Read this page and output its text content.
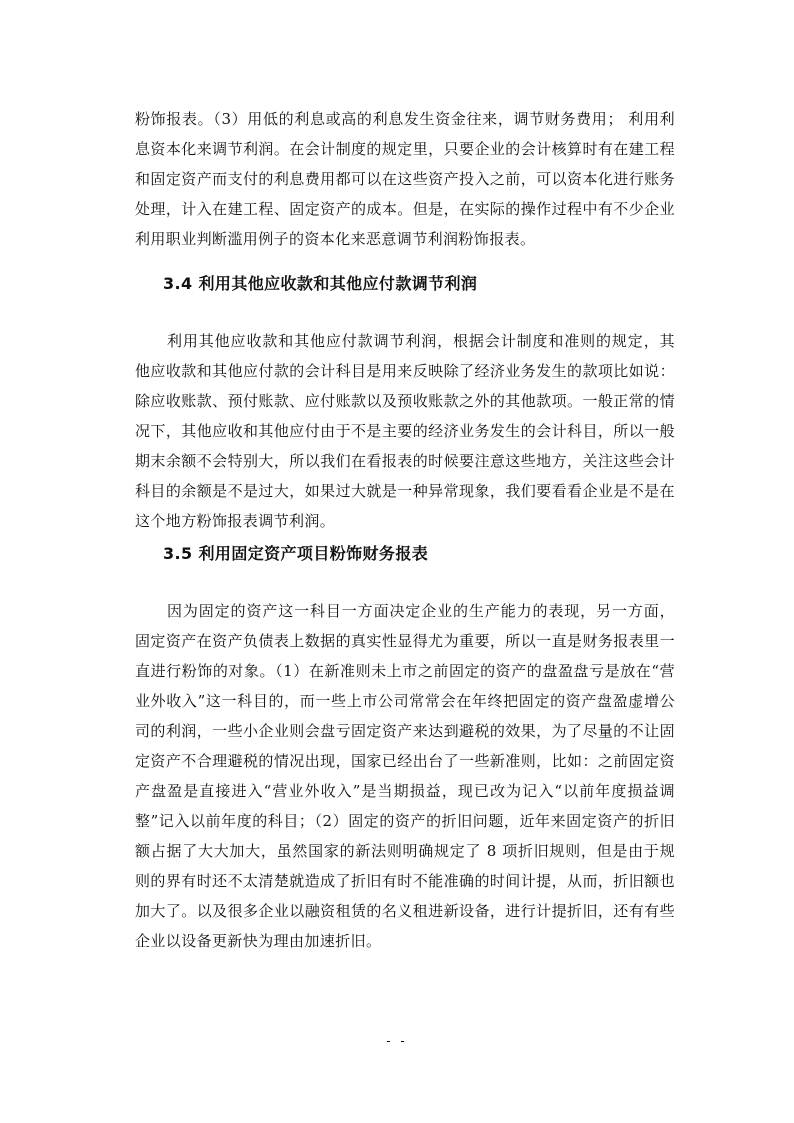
粉饰报表。（3）用低的利息或高的利息发生资金往来，调节财务费用； 利用利息资本化来调节利润。在会计制度的规定里，只要企业的会计核算时有在建工程和固定资产而支付的利息费用都可以在这些资产投入之前，可以资本化进行账务处理，计入在建工程、固定资产的成本。但是，在实际的操作过程中有不少企业利用职业判断滥用例子的资本化来恶意调节利润粉饰报表。

3.4 利用其他应收款和其他应付款调节利润

利用其他应收款和其他应付款调节利润，根据会计制度和准则的规定，其他应收款和其他应付款的会计科目是用来反映除了经济业务发生的款项比如说：除应收账款、预付账款、应付账款以及预收账款之外的其他款项。一般正常的情况下，其他应收和其他应付由于不是主要的经济业务发生的会计科目，所以一般期末余额不会特别大，所以我们在看报表的时候要注意这些地方，关注这些会计科目的余额是不是过大，如果过大就是一种异常现象，我们要看看企业是不是在这个地方粉饰报表调节利润。

3.5 利用固定资产项目粉饰财务报表

因为固定的资产这一科目一方面决定企业的生产能力的表现，另一方面，固定资产在资产负债表上数据的真实性显得尤为重要，所以一直是财务报表里一直进行粉饰的对象。（1）在新准则未上市之前固定的资产的盘盈盘亏是放在“营业外收入”这一科目的，而一些上市公司常常会在年终把固定的资产盘盈虚增公司的利润，一些小企业则会盘亏固定资产来达到避税的效果，为了尽量的不让固定资产不合理避税的情况出现，国家已经出台了一些新准则，比如：之前固定资产盘盈是直接进入“营业外收入”是当期损益，现已改为记入“以前年度损益调整”记入以前年度的科目；（2）固定的资产的折旧问题，近年来固定资产的折旧额占据了大大加大，虽然国家的新法则明确规定了 8 项折旧规则，但是由于规则的界有时还不太清楚就造成了折旧有时不能准确的时间计提，从而，折旧额也加大了。以及很多企业以融资租赁的名义租进新设备，进行计提折旧，还有有些企业以设备更新快为理由加速折旧。

- -
